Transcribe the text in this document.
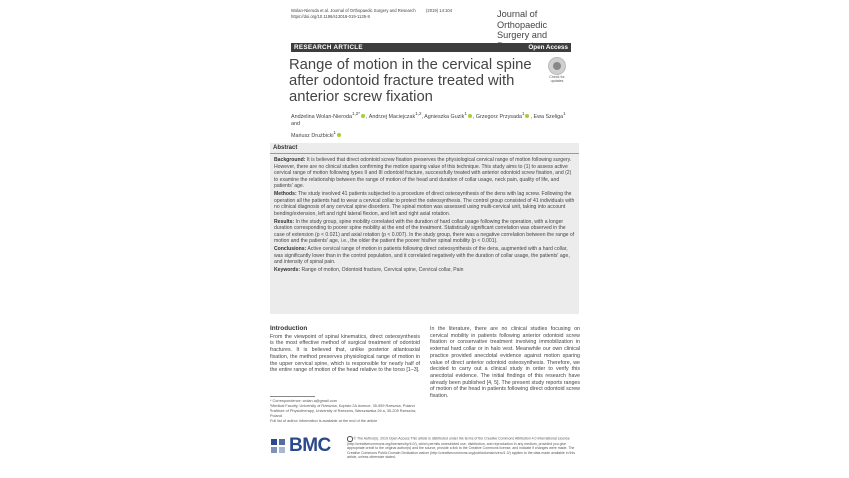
Wolan-Nieroda et al. Journal of Orthopaedic Surgery and Research
https://doi.org/10.1186/s13018-019-1135-8
(2019) 14:104	Journal of Orthopaedic
Surgery and
RESEARCH ARTICLE	Open Access
Range of motion in the cervical spine after odontoid fracture treated with anterior screw fixation
Check for
updates
Andżelina Wolan-Nieroda$^{1,2*}$, Andrzej Maciejczak$^{1,2}$, Agnieszka Guzik$^1$, Grzegorz Przysada$^1$, Ewa Szeliga$^1$ and
Mariusz Drużbicki$^1$
Abstract

Background: It is believed that direct odontoid screw fixation preserves the physiological cervical range of motion following surgery. However, there are no clinical studies confirming the motion sparing value of this technique. This study aims to (1) to assess active cervical range of motion following types II and III odontoid fracture, successfully treated with anterior odontoid screw fixation, and (2) to examine the relationship between the range of motion of the head and duration of collar usage, neck pain, quality of life, and patients' age.

Methods: The study involved 41 patients subjected to a procedure of direct osteosynthesis of the dens with lag screw. Following the operation all the patients had to wear a cervical collar to protect the osteosynthesis. The control group consisted of 41 individuals with no clinical diagnosis of any cervical spine disorders. The spinal motion was assessed using multi-cervical unit, taking into account bending/extension, left and right lateral flexion, and left and right axial rotation.

Results: In the study group, spine mobility correlated with the duration of hard collar usage following the operation, with a longer duration corresponding to poorer spine mobility at the end of the treatment. Statistically significant correlation was observed in the case of extension (p < 0.021) and axial rotation (p < 0.007). In the study group, there was a negative correlation between the range of motion and the patients' age, i.e., the older the patient the poorer his/her spinal mobility (p < 0.001).

Conclusions: Active cervical range of motion in patients following direct osteosynthesis of the dens, augmented with a hard collar, was significantly lower than in the control population, and it correlated negatively with the duration of collar usage, the patients' age, and intensity of spinal pain.

Keywords: Range of motion, Odontoid fracture, Cervical spine, Cervical collar, Pain

Introduction
From the viewpoint of spinal kinematics, direct osteosynthesis is the most effective method of surgical treatment of odontoid fractures. It is believed that, unlike posterior atlantoaxial fixation, the method preserves physiological range of motion in the upper cervical spine, which is responsible for nearly half of the entire range of motion of the head relative to the torso [1–3].
In the literature, there are no clinical studies focusing on cervical mobility in patients following anterior odontoid screw fixation or conservative treatment involving immobilization in external hard collar or in halo vest. Meanwhile our own clinical practice provided anecdotal evidence against motion sparing value of direct anterior odontoid osteosynthesis. Therefore, we decided to carry out a clinical study in order to verify this anecdotal evidence. The initial findings of this research have already been published [4, 5]. The present study reports ranges of motion of the head in patients following direct odontoid screw fixation.
* Correspondence: wolan.a@gmail.com
¹Medical Faculty, University of Rzeszów, Kopisto 2A Avenue, 35-959 Rzeszów, Poland
²Institute of Physiotherapy, University of Rzeszów, Warszawska 26 a, 35-205 Rzeszów, Poland
Full list of author information is available at the end of the article
BMC	© The Author(s). 2019 Open Access This article is distributed under the terms of the Creative Commons Attribution 4.0 International License (http://creativecommons.org/licenses/by/4.0/), which permits unrestricted use, distribution, and reproduction in any medium, provided you give appropriate credit to the original author(s) and the source, provide a link to the Creative Commons license, and indicate if changes were made. The Creative Commons Public Domain Dedication waiver (http://creativecommons.org/publicdomain/zero/1.0/) applies to the data made available in this article, unless otherwise stated.
